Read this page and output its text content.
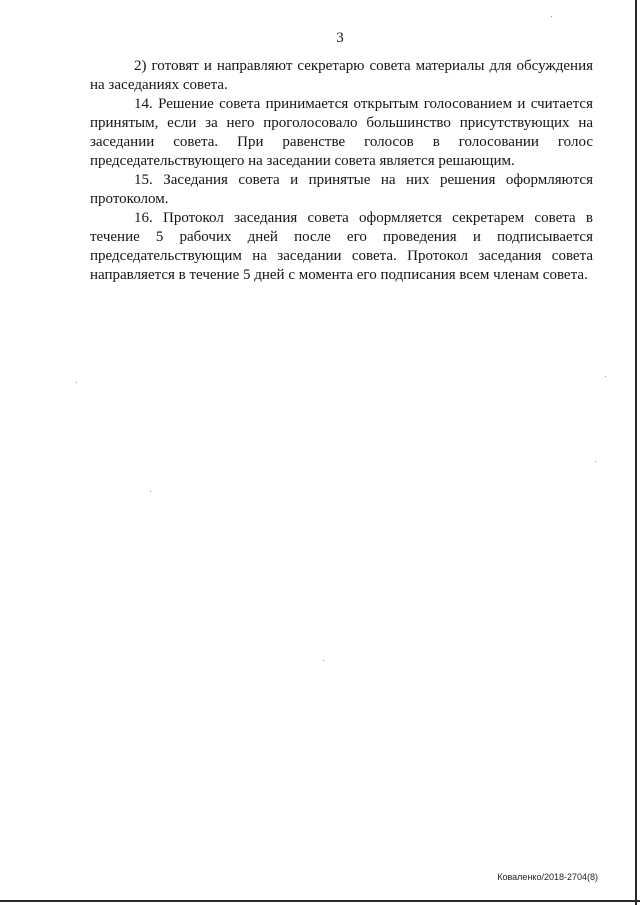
3

2) готовят и направляют секретарю совета материалы для обсуждения на заседаниях совета.

14. Решение совета принимается открытым голосованием и считается принятым, если за него проголосовало большинство присутствующих на заседании совета. При равенстве голосов в голосовании голос председательствующего на заседании совета является решающим.

15. Заседания совета и принятые на них решения оформляются протоколом.

16. Протокол заседания совета оформляется секретарем совета в течение 5 рабочих дней после его проведения и подписывается председательствующим на заседании совета. Протокол заседания совета направляется в течение 5 дней с момента его подписания всем членам совета.

Коваленко/2018-2704(8)
